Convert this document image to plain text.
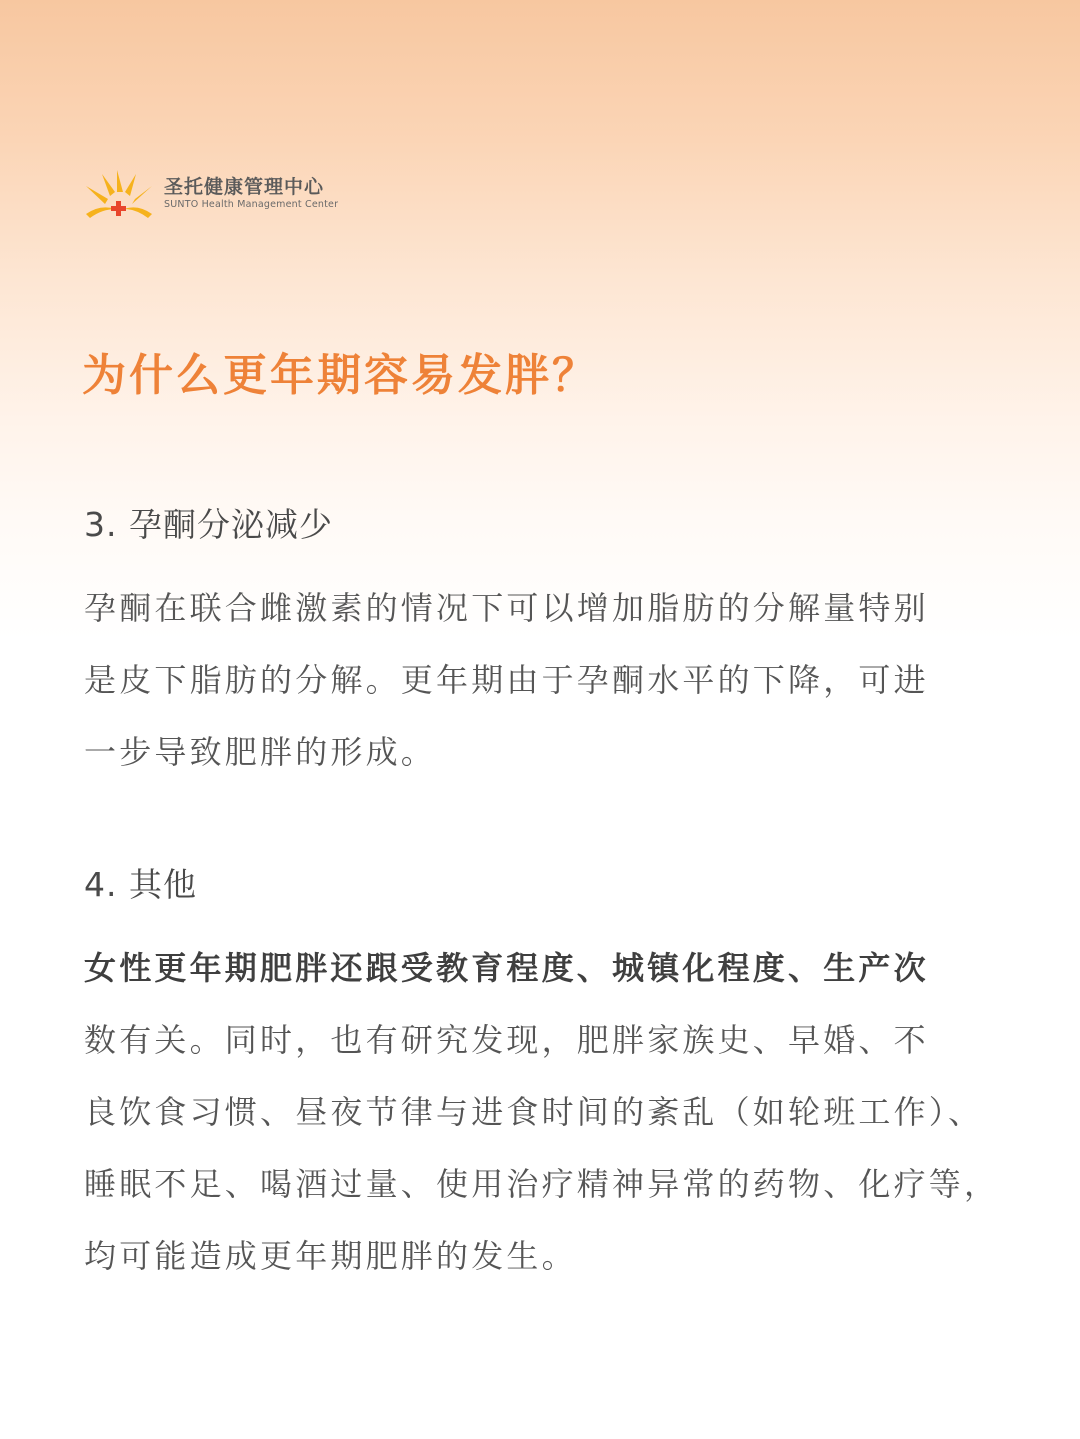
圣托健康管理中心
SUNTO Health Management Center
为什么更年期容易发胖？
3. 孕酮分泌减少

孕酮在联合雌激素的情况下可以增加脂肪的分解量特别
是皮下脂肪的分解。更年期由于孕酮水平的下降，可进
一步导致肥胖的形成。

4. 其他

女性更年期肥胖还跟受教育程度、城镇化程度、生产次
数有关。同时，也有研究发现，肥胖家族史、早婚、不
良饮食习惯、昼夜节律与进食时间的紊乱（如轮班工作）、
睡眠不足、喝酒过量、使用治疗精神异常的药物、化疗等，
均可能造成更年期肥胖的发生。
